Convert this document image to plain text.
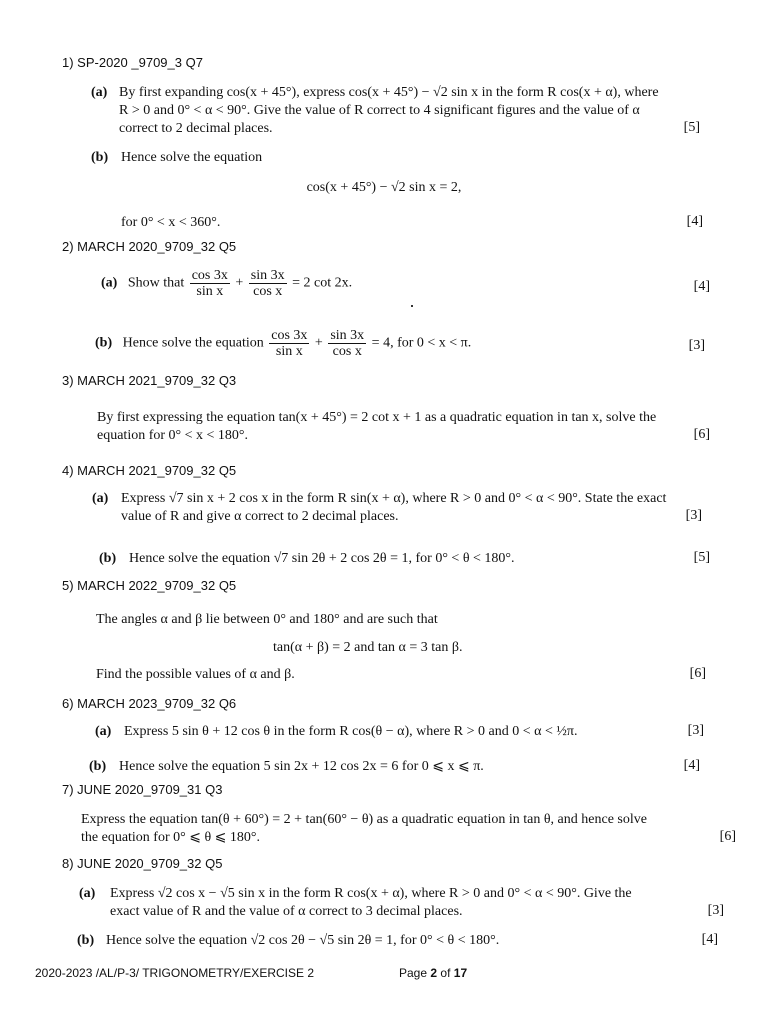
1) SP-2020 _9709_3 Q7
(a) By first expanding cos(x + 45°), express cos(x + 45°) − √2 sin x in the form R cos(x + α), where
R > 0 and 0° < α < 90°. Give the value of R correct to 4 significant figures and the value of α
correct to 2 decimal places.	[5]
(b) Hence solve the equation
cos(x + 45°) − √2 sin x = 2,
for 0° < x < 360°.	[4]
2) MARCH 2020_9709_32 Q5
(a) Show that $\frac{\cos 3x}{\text{sin x}} + \frac{\sin 3x}{\text{cos x}} = 2$ cot 2x.	[4]
(b) Hence solve the equation $\frac{\cos 3x}{\text{sin x}} + \frac{\sin 3x}{\text{cos x}} = 4$, for 0 < x < π.	[3]
3) MARCH 2021_9709_32 Q3
By first expressing the equation tan(x + 45°) = 2 cot x + 1 as a quadratic equation in tan x, solve the
equation for 0° < x < 180°.	[6]
4) MARCH 2021_9709_32 Q5
(a) Express √7 sin x + 2 cos x in the form R sin(x + α), where R > 0 and 0° < α < 90°. State the exact
value of R and give α correct to 2 decimal places.	[3]
(b) Hence solve the equation √7 sin 2θ + 2 cos 2θ = 1, for 0° < θ < 180°.	[5]
5) MARCH 2022_9709_32 Q5
The angles α and β lie between 0° and 180° and are such that
tan(α + β) = 2 and tan α = 3 tan β.
Find the possible values of α and β.	[6]
6) MARCH 2023_9709_32 Q6
(a) Express 5 sin θ + 12 cos θ in the form R cos(θ − α), where R > 0 and 0 < α < ½π.	[3]
(b) Hence solve the equation 5 sin 2x + 12 cos 2x = 6 for 0 ⩽ x ⩽ π.	[4]
7) JUNE 2020_9709_31 Q3
Express the equation tan(θ + 60°) = 2 + tan(60° − θ) as a quadratic equation in tan θ, and hence solve
the equation for 0° ⩽ θ ⩽ 180°.	[6]
8) JUNE 2020_9709_32 Q5
(a) Express √2 cos x − √5 sin x in the form R cos(x + α), where R > 0 and 0° < α < 90°. Give the
exact value of R and the value of α correct to 3 decimal places.	[3]
(b) Hence solve the equation √2 cos 2θ − √5 sin 2θ = 1, for 0° < θ < 180°.	[4]
2020-2023 /AL/P-3/ TRIGONOMETRY/EXERCISE 2	Page 2 of 17
